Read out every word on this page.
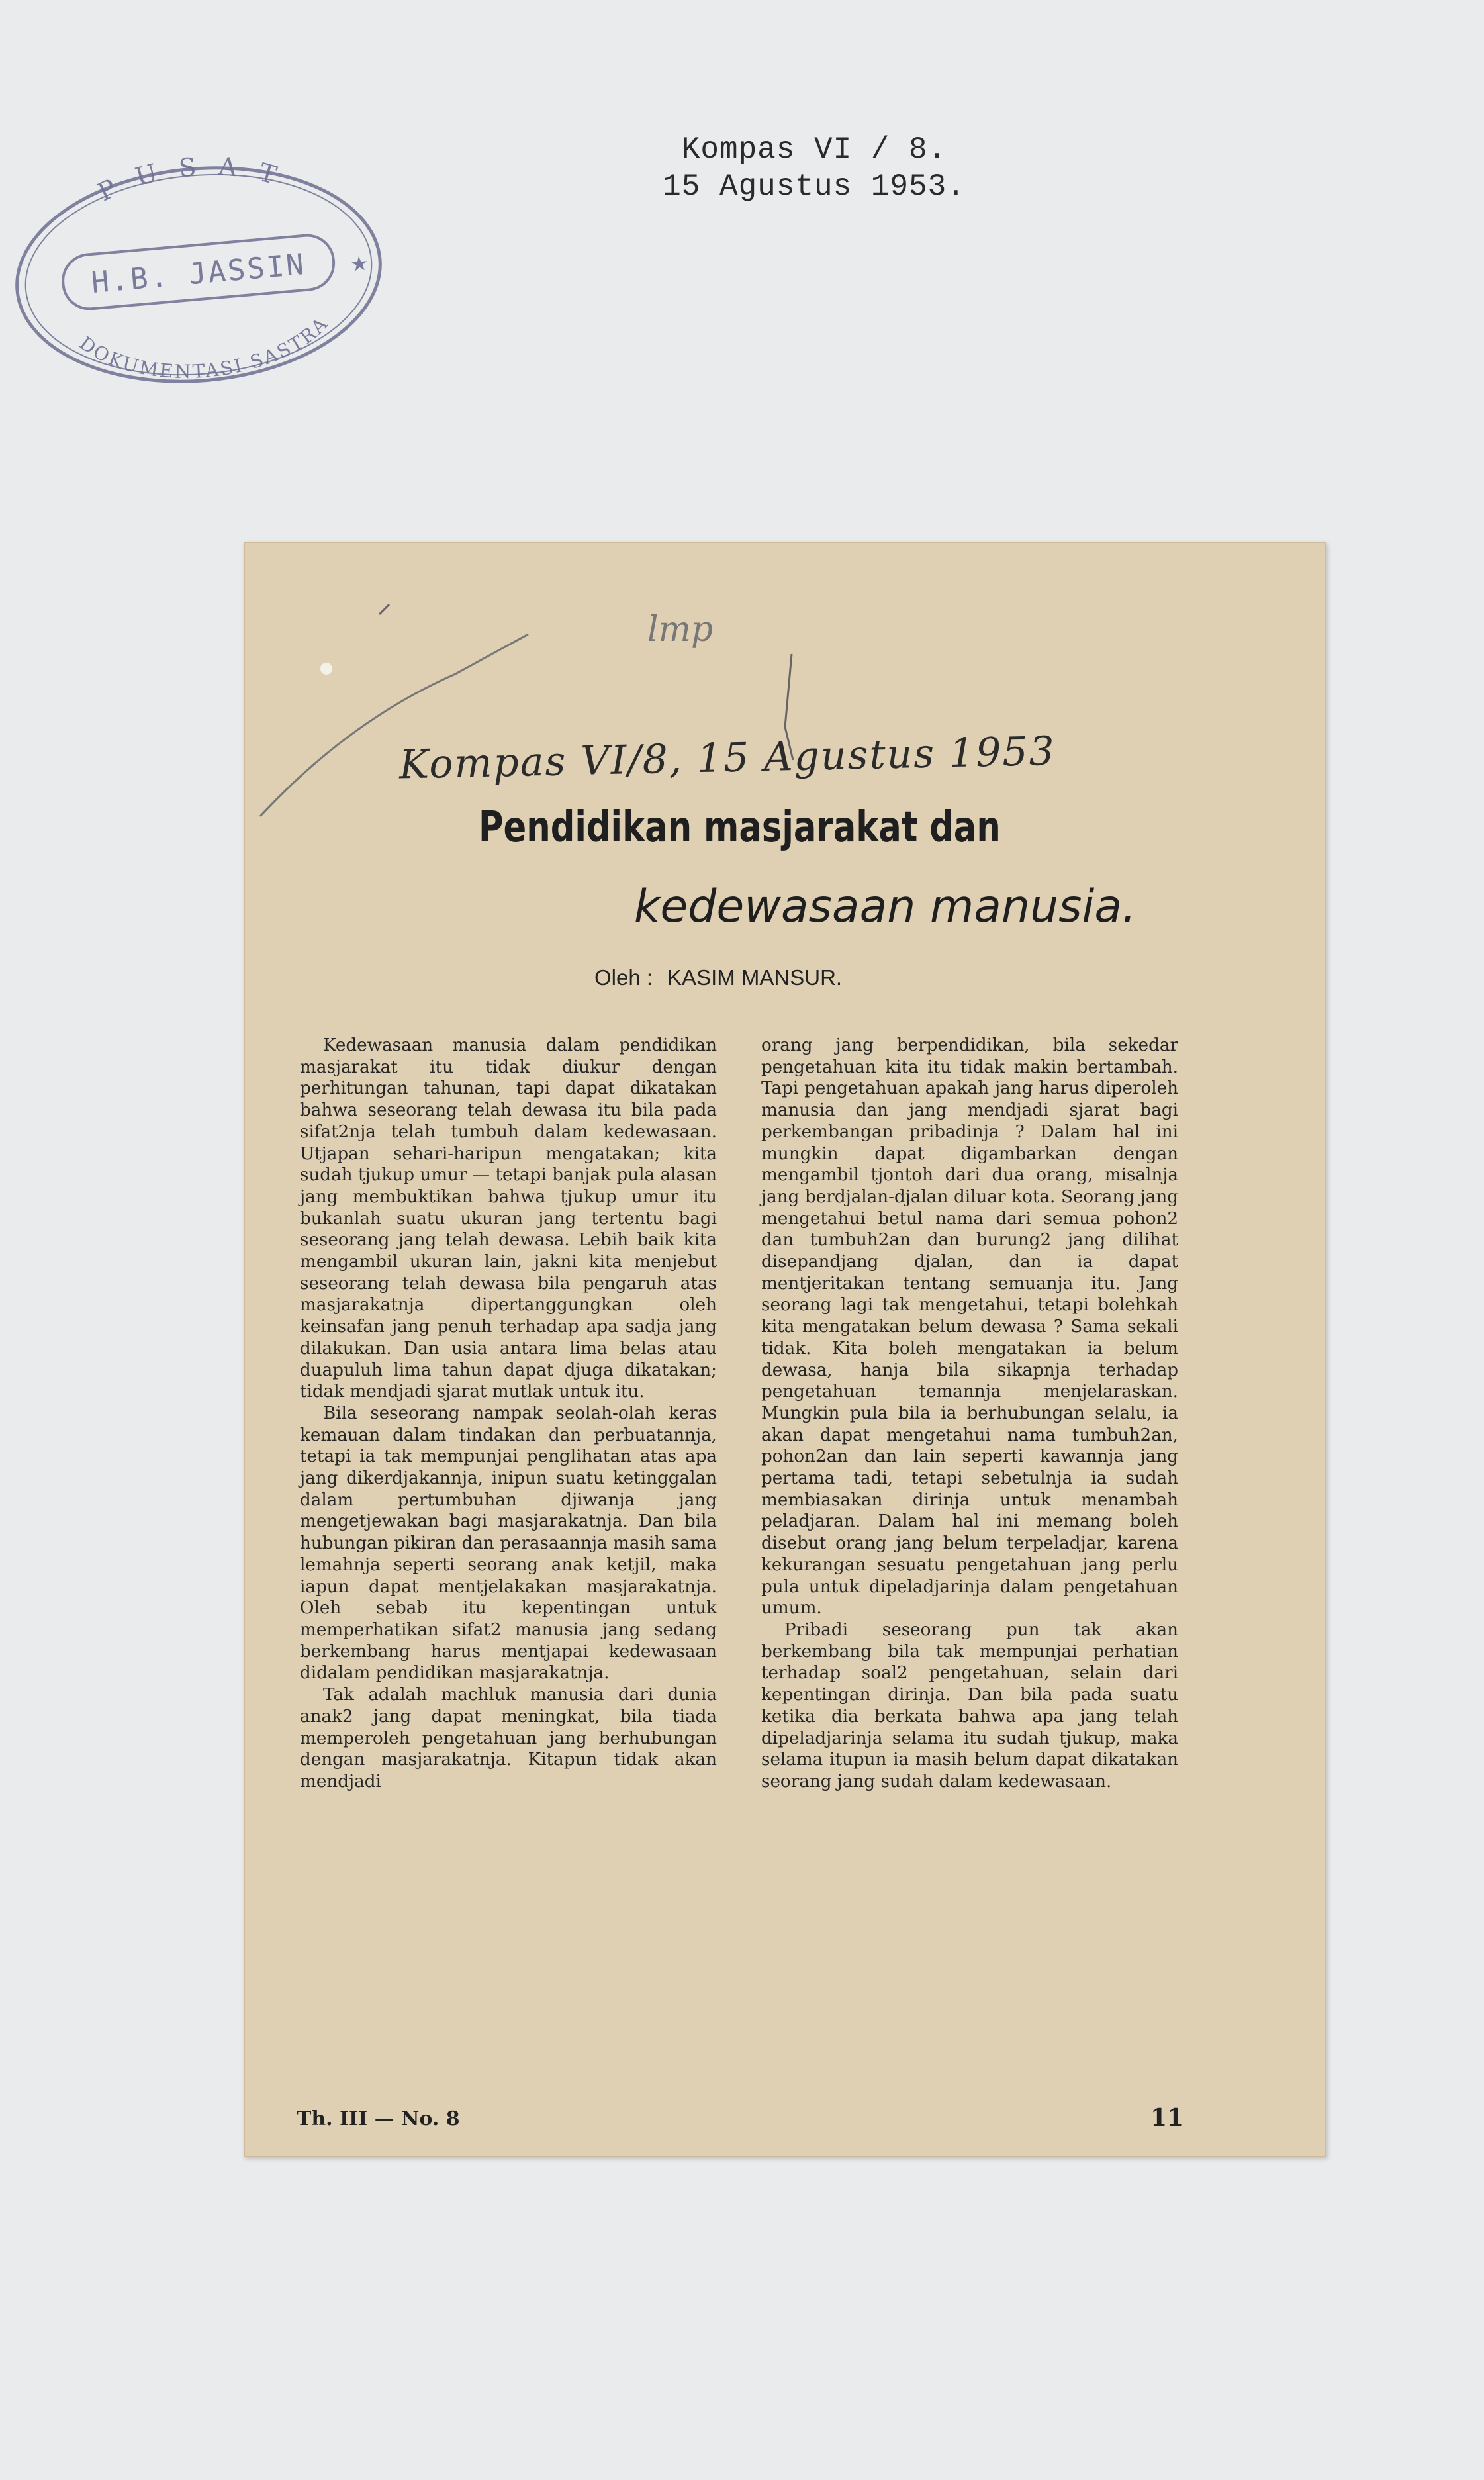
Kompas VI / 8.
15 Agustus 1953.
P U S A T
H.B. JASSIN
DOKUMENTASI SASTRA
★
lmp
Kompas VI/8, 15 Agustus 1953
Pendidikan masjarakat dan
kedewasaan manusia.
Oleh : KASIM MANSUR.

Kedewasaan manusia dalam pendidikan masjarakat itu tidak diukur dengan perhitungan tahunan, tapi dapat dikatakan bahwa seseorang telah dewasa itu bila pada sifat2nja telah tumbuh dalam kedewasaan. Utjapan sehari-haripun mengatakan; kita sudah tjukup umur — tetapi banjak pula alasan jang membuktikan bahwa tjukup umur itu bukanlah suatu ukuran jang tertentu bagi seseorang jang telah dewasa. Lebih baik kita mengambil ukuran lain, jakni kita menjebut seseorang telah dewasa bila pengaruh atas masjarakatnja dipertanggungkan oleh keinsafan jang penuh terhadap apa sadja jang dilakukan. Dan usia antara lima belas atau duapuluh lima tahun dapat djuga dikatakan; tidak mendjadi sjarat mutlak untuk itu.

Bila seseorang nampak seolah-olah keras kemauan dalam tindakan dan perbuatannja, tetapi ia tak mempunjai penglihatan atas apa jang dikerdjakannja, inipun suatu ketinggalan dalam pertumbuhan djiwanja jang mengetjewakan bagi masjarakatnja. Dan bila hubungan pikiran dan perasaannja masih sama lemahnja seperti seorang anak ketjil, maka iapun dapat mentjelakakan masjarakatnja. Oleh sebab itu kepentingan untuk memperhatikan sifat2 manusia jang sedang berkembang harus mentjapai kedewasaan didalam pendidikan masjarakatnja.

Tak adalah machluk manusia dari dunia anak2 jang dapat meningkat, bila tiada memperoleh pengetahuan jang berhubungan dengan masjarakatnja. Kitapun tidak akan mendjadi

orang jang berpendidikan, bila sekedar pengetahuan kita itu tidak makin bertambah. Tapi pengetahuan apakah jang harus diperoleh manusia dan jang mendjadi sjarat bagi perkembangan pribadinja ? Dalam hal ini mungkin dapat digambarkan dengan mengambil tjontoh dari dua orang, misalnja jang berdjalan-djalan diluar kota. Seorang jang mengetahui betul nama dari semua pohon2 dan tumbuh2an dan burung2 jang dilihat disepandjang djalan, dan ia dapat mentjeritakan tentang semuanja itu. Jang seorang lagi tak mengetahui, tetapi bolehkah kita mengatakan belum dewasa ? Sama sekali tidak. Kita boleh mengatakan ia belum dewasa, hanja bila sikapnja terhadap pengetahuan temannja menjelaraskan. Mungkin pula bila ia berhubungan selalu, ia akan dapat mengetahui nama tumbuh2an, pohon2an dan lain seperti kawannja jang pertama tadi, tetapi sebetulnja ia sudah membiasakan dirinja untuk menambah peladjaran. Dalam hal ini memang boleh disebut orang jang belum terpeladjar, karena kekurangan sesuatu pengetahuan jang perlu pula untuk dipeladjarinja dalam pengetahuan umum.

Pribadi seseorang pun tak akan berkembang bila tak mempunjai perhatian terhadap soal2 pengetahuan, selain dari kepentingan dirinja. Dan bila pada suatu ketika dia berkata bahwa apa jang telah dipeladjarinja selama itu sudah tjukup, maka selama itupun ia masih belum dapat dikatakan seorang jang sudah dalam kedewasaan.

Th. III — No. 8	11
